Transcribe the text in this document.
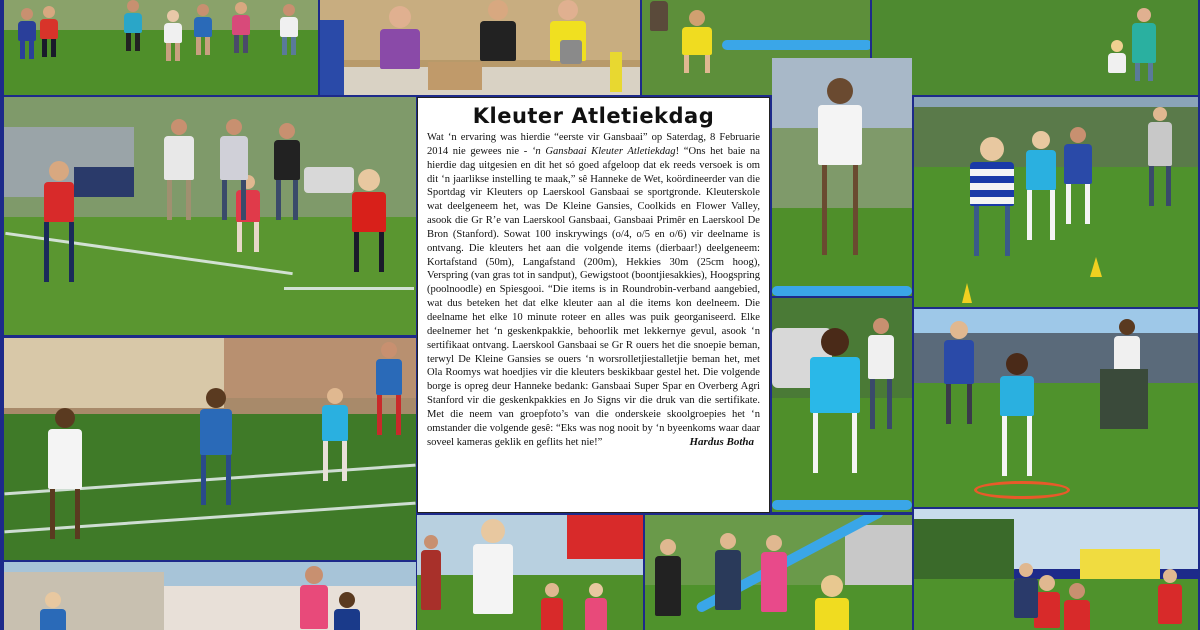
Kleuter Atletiekdag
Wat ‘n ervaring was hierdie “eerste vir Gansbaai” op Saterdag, 8 Februarie 2014 nie gewees nie - ‘n Gansbaai Kleuter Atletiekdag! “Ons het baie na hierdie dag uitgesien en dit het só goed afgeloop dat ek reeds versoek is om dit ‘n jaarlikse instelling te maak,” sê Hanneke de Wet, koördineerder van die Sportdag vir Kleuters op Laerskool Gansbaai se sportgronde. Kleuterskole wat deelgeneem het, was De Kleine Gansies, Coolkids en Flower Valley, asook die Gr R’e van Laerskool Gansbaai, Gansbaai Primêr en Laerskool De Bron (Stanford). Sowat 100 inskrywings (o/4, o/5 en o/6) vir deelname is ontvang. Die kleuters het aan die volgende items (dierbaar!) deelgeneem: Kortafstand (50m), Langafstand (200m), Hekkies 30m (25cm hoog), Verspring (van gras tot in sandput), Gewigstoot (boontjiesakkies), Hoogspring (poolnoodle) en Spiesgooi. “Die items is in Roundrobin-verband aangebied, wat dus beteken het dat elke kleuter aan al die items kon deelneem. Die deelname het elke 10 minute roteer en alles was puik georganiseerd. Elke deelnemer het ‘n geskenkpakkie, behoorlik met lekkernye gevul, asook ‘n sertifikaat ontvang. Laerskool Gansbaai se Gr R ouers het die snoepie beman, terwyl De Kleine Gansies se ouers ‘n worsrolletjiestalletjie beman het, met Ola Roomys wat hoedjies vir die kleuters beskikbaar gestel het. Die volgende borge is opreg deur Hanneke bedank: Gansbaai Super Spar en Overberg Agri Stanford vir die geskenkpakkies en Jo Signs vir die druk van die sertifikate. Met die neem van groepfoto’s van die onderskeie skoolgroepies het ‘n omstander die volgende gesê: “Eks was nog nooit by ‘n byeenkoms waar daar soveel kameras geklik en geflits het nie!”	Hardus Botha
